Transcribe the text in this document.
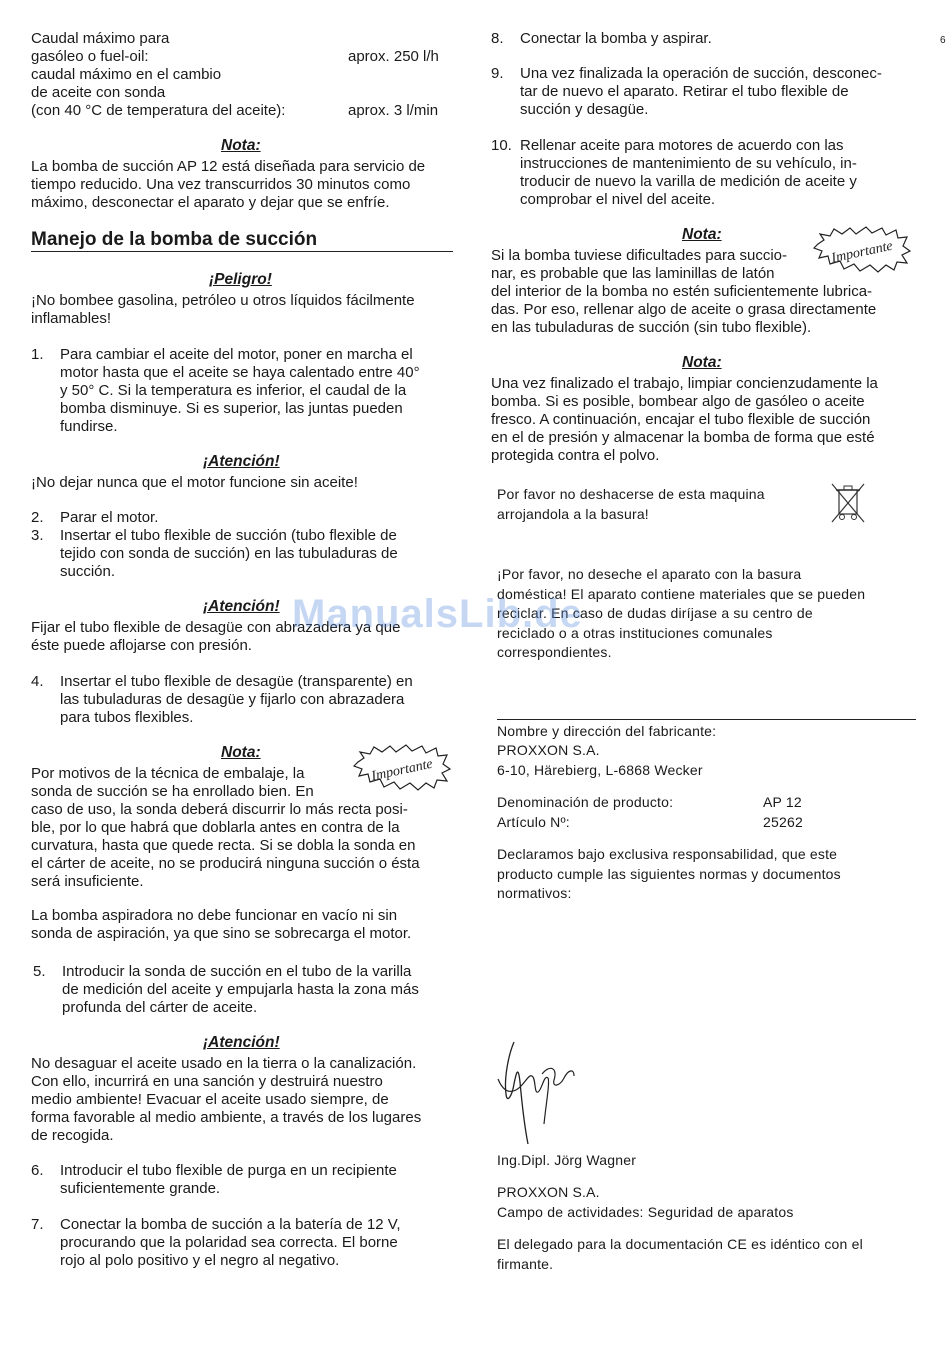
Caudal máximo para
gasóleo o fuel-oil:	aprox. 250 l/h
caudal máximo en el cambio
de aceite con sonda
(con 40 °C de temperatura del aceite):	aprox. 3 l/min
Nota:
La bomba de succión AP 12 está diseñada para servicio de
tiempo reducido. Una vez transcurridos 30 minutos como
máximo, desconectar el aparato y dejar que se enfríe.
Manejo de la bomba de succión
¡Peligro!
¡No bombee gasolina, petróleo u otros líquidos fácilmente
inflamables!
1. Para cambiar el aceite del motor, poner en marcha el
motor hasta que el aceite se haya calentado entre 40°
y 50° C. Si la temperatura es inferior, el caudal de la
bomba disminuye. Si es superior, las juntas pueden
fundirse.
¡Atención!
¡No dejar nunca que el motor funcione sin aceite!
2. Parar el motor.
3. Insertar el tubo flexible de succión (tubo flexible de
tejido con sonda de succión) en las tubuladuras de
succión.
¡Atención!
Fijar el tubo flexible de desagüe con abrazadera ya que
éste puede aflojarse con presión.
4. Insertar el tubo flexible de desagüe (transparente) en
las tubuladuras de desagüe y fijarlo con abrazadera
para tubos flexibles.
Nota:
Por motivos de la técnica de embalaje, la
sonda de succión se ha enrollado bien. En
caso de uso, la sonda deberá discurrir lo más recta posi-
ble, por lo que habrá que doblarla antes en contra de la
curvatura, hasta que quede recta. Si se dobla la sonda en
el cárter de aceite, no se producirá ninguna succión o ésta
será insuficiente.
Importante
La bomba aspiradora no debe funcionar en vacío ni sin
sonda de aspiración, ya que sino se sobrecarga el motor.
5. Introducir la sonda de succión en el tubo de la varilla
de medición del aceite y empujarla hasta la zona más
profunda del cárter de aceite.
¡Atención!
No desaguar el aceite usado en la tierra o la canalización.
Con ello, incurrirá en una sanción y destruirá nuestro
medio ambiente! Evacuar el aceite usado siempre, de
forma favorable al medio ambiente, a través de los lugares
de recogida.
6. Introducir el tubo flexible de purga en un recipiente
suficientemente grande.
7. Conectar la bomba de succión a la batería de 12 V,
procurando que la polaridad sea correcta. El borne
rojo al polo positivo y el negro al negativo.
8. Conectar la bomba y aspirar.
9. Una vez finalizada la operación de succión, desconec-
tar de nuevo el aparato. Retirar el tubo flexible de
succión y desagüe.
10. Rellenar aceite para motores de acuerdo con las
instrucciones de mantenimiento de su vehículo, in-
troducir de nuevo la varilla de medición de aceite y
comprobar el nivel del aceite.
Nota:
Si la bomba tuviese dificultades para succio-
nar, es probable que las laminillas de latón
del interior de la bomba no estén suficientemente lubrica-
das. Por eso, rellenar algo de aceite o grasa directamente
en las tubuladuras de succión (sin tubo flexible).
Importante
Nota:
Una vez finalizado el trabajo, limpiar concienzudamente la
bomba. Si es posible, bombear algo de gasóleo o aceite
fresco. A continuación, encajar el tubo flexible de succión
en el de presión y almacenar la bomba de forma que esté
protegida contra el polvo.
Por favor no deshacerse de esta maquina
arrojandola a la basura!
¡Por favor, no deseche el aparato con la basura
doméstica! El aparato contiene materiales que se pueden
reciclar. En caso de dudas diríjase a su centro de
reciclado o a otras instituciones comunales
correspondientes.
Nombre y dirección del fabricante:
PROXXON S.A.
6-10, Härebierg, L-6868 Wecker
Denominación de producto:	AP 12
Artículo Nº:	25262
Declaramos bajo exclusiva responsabilidad, que este
producto cumple las siguientes normas y documentos
normativos:
Ing.Dipl. Jörg Wagner
PROXXON S.A.
Campo de actividades: Seguridad de aparatos
El delegado para la documentación CE es idéntico con el
firmante.
6
ManualsLib.de
